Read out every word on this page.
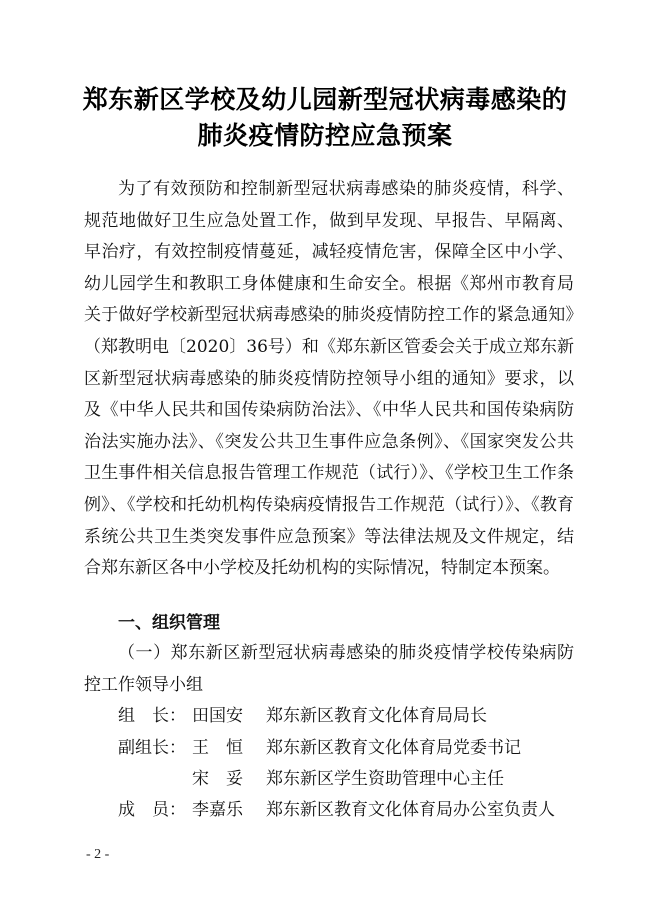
郑东新区学校及幼儿园新型冠状病毒感染的
肺炎疫情防控应急预案

为了有效预防和控制新型冠状病毒感染的肺炎疫情，科学、规范地做好卫生应急处置工作，做到早发现、早报告、早隔离、早治疗，有效控制疫情蔓延，减轻疫情危害，保障全区中小学、幼儿园学生和教职工身体健康和生命安全。根据《郑州市教育局关于做好学校新型冠状病毒感染的肺炎疫情防控工作的紧急通知》（郑教明电〔2020〕36号）和《郑东新区管委会关于成立郑东新区新型冠状病毒感染的肺炎疫情防控领导小组的通知》要求，以及《中华人民共和国传染病防治法》、《中华人民共和国传染病防治法实施办法》、《突发公共卫生事件应急条例》、《国家突发公共卫生事件相关信息报告管理工作规范（试行）》、《学校卫生工作条例》、《学校和托幼机构传染病疫情报告工作规范（试行）》、《教育系统公共卫生类突发事件应急预案》等法律法规及文件规定，结合郑东新区各中小学校及托幼机构的实际情况，特制定本预案。

一、组织管理

（一）郑东新区新型冠状病毒感染的肺炎疫情学校传染病防控工作领导小组

组　长： 田国安 郑东新区教育文化体育局局长
副组长： 王　恒 郑东新区教育文化体育局党委书记
宋　妥 郑东新区学生资助管理中心主任
成　员： 李嘉乐 郑东新区教育文化体育局办公室负责人
- 2 -
